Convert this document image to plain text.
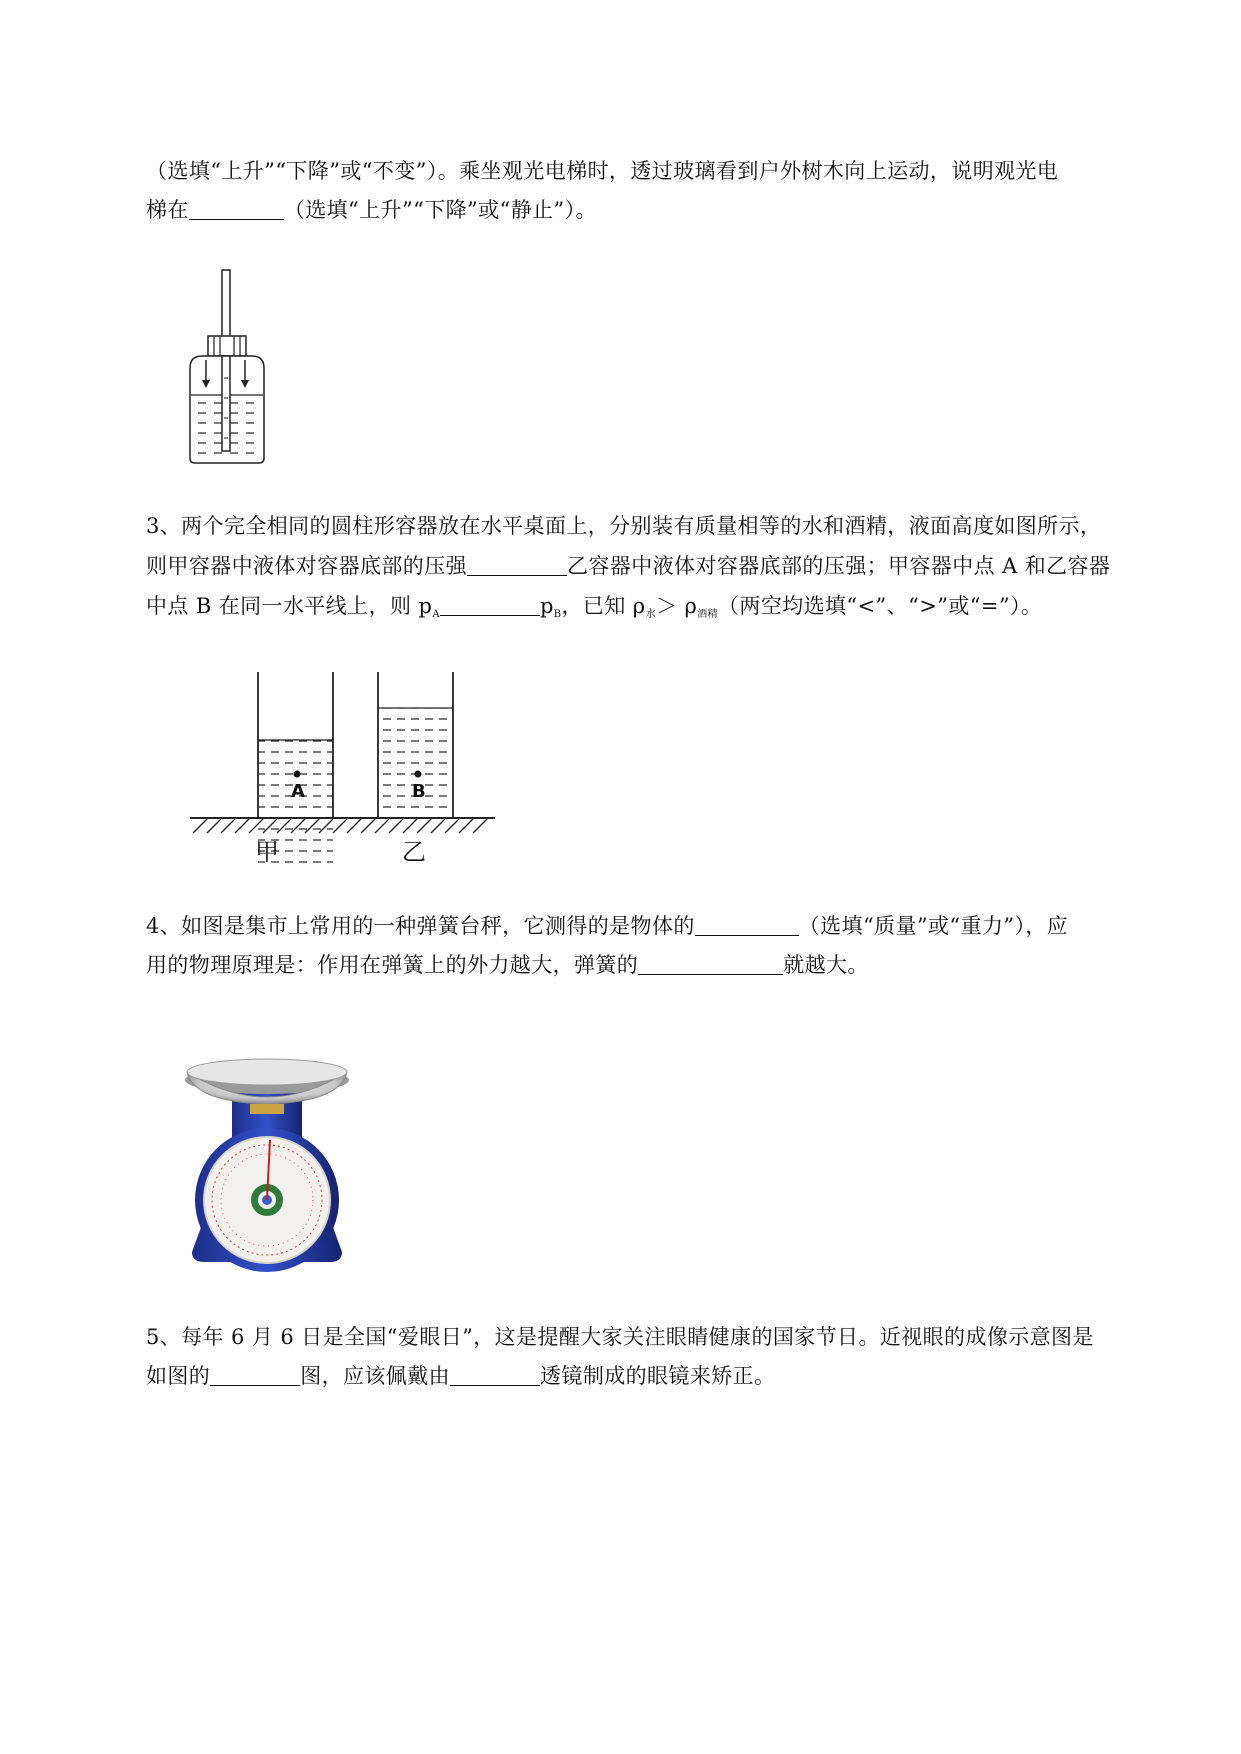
（选填“上升”“下降”或“不变”）。乘坐观光电梯时，透过玻璃看到户外树木向上运动，说明观光电
梯在	（选填“上升”“下降”或“静止”）。
3、两个完全相同的圆柱形容器放在水平桌面上，分别装有质量相等的水和酒精，液面高度如图所示，
则甲容器中液体对容器底部的压强	乙容器中液体对容器底部的压强；甲容器中点 A 和乙容器
中点 B 在同一水平线上，则 $p_A$	$p_B$，已知 $\rho_水> \rho_{酒精}$（两空均选填“<”、“>”或“=”）。
A	B
甲	乙
4、如图是集市上常用的一种弹簧台秤，它测得的是物体的	（选填“质量”或“重力”），应
用的物理原理是：作用在弹簧上的外力越大，弹簧的	就越大。
5、每年 6 月 6 日是全国“爱眼日”，这是提醒大家关注眼睛健康的国家节日。近视眼的成像示意图是
如图的	图，应该佩戴由	透镜制成的眼镜来矫正。
